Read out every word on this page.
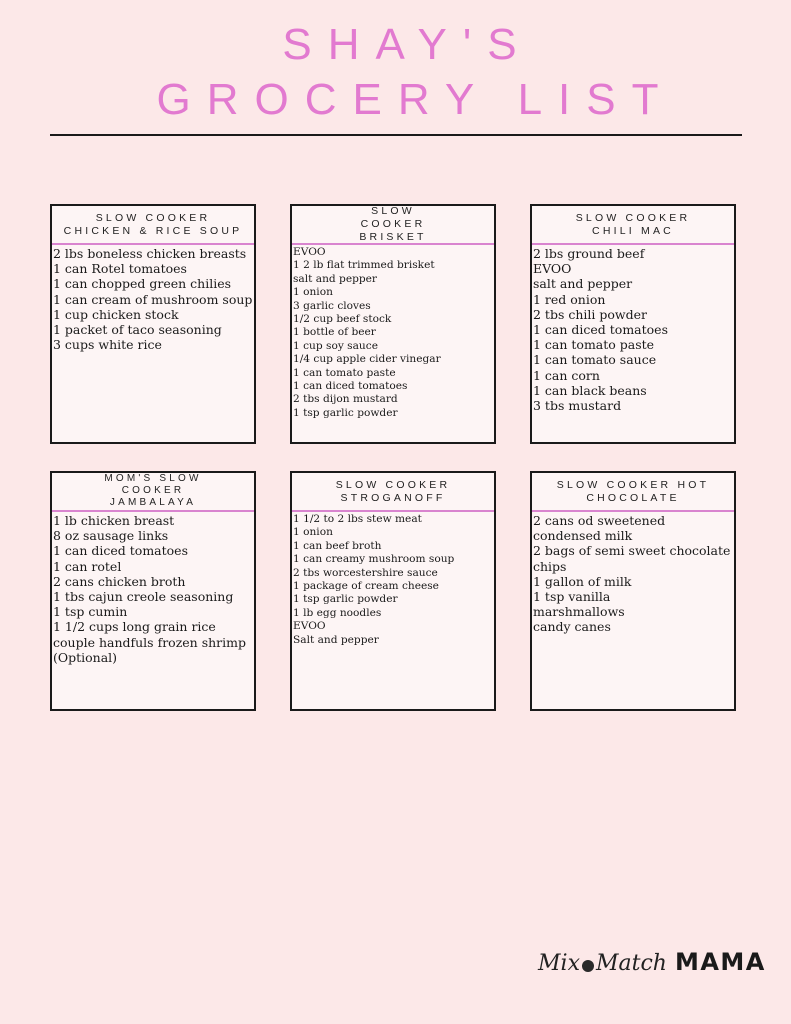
SHAY'S
GROCERY LIST
SLOW COOKER CHICKEN & RICE SOUP
2 lbs boneless chicken breasts
1 can Rotel tomatoes
1 can chopped green chilies
1 can cream of mushroom soup
1 cup chicken stock
1 packet of taco seasoning
3 cups white rice
SLOW COOKER BRISKET
EVOO
1 2 lb flat trimmed brisket
salt and pepper
1 onion
3 garlic cloves
1/2 cup beef stock
1 bottle of beer
1 cup soy sauce
1/4 cup apple cider vinegar
1 can tomato paste
1 can diced tomatoes
2 tbs dijon mustard
1 tsp garlic powder
SLOW COOKER CHILI MAC
2 lbs ground beef
EVOO
salt and pepper
1 red onion
2 tbs chili powder
1 can diced tomatoes
1 can tomato paste
1 can tomato sauce
1 can corn
1 can black beans
3 tbs mustard
MOM'S SLOW COOKER JAMBALAYA
1 lb chicken breast
8 oz sausage links
1 can diced tomatoes
1 can rotel
2 cans chicken broth
1 tbs cajun creole seasoning
1 tsp cumin
1 1/2 cups long grain rice
couple handfuls frozen shrimp
(Optional)
SLOW COOKER STROGANOFF
1 1/2 to 2 lbs stew meat
1 onion
1 can beef broth
1 can creamy mushroom soup
2 tbs worcestershire sauce
1 package of cream cheese
1 tsp garlic powder
1 lb egg noodles
EVOO
Salt and pepper
SLOW COOKER HOT CHOCOLATE
2 cans od sweetened condensed milk
2 bags of semi sweet chocolate chips
1 gallon of milk
1 tsp vanilla
marshmallows
candy canes
Mix Match MAMA
